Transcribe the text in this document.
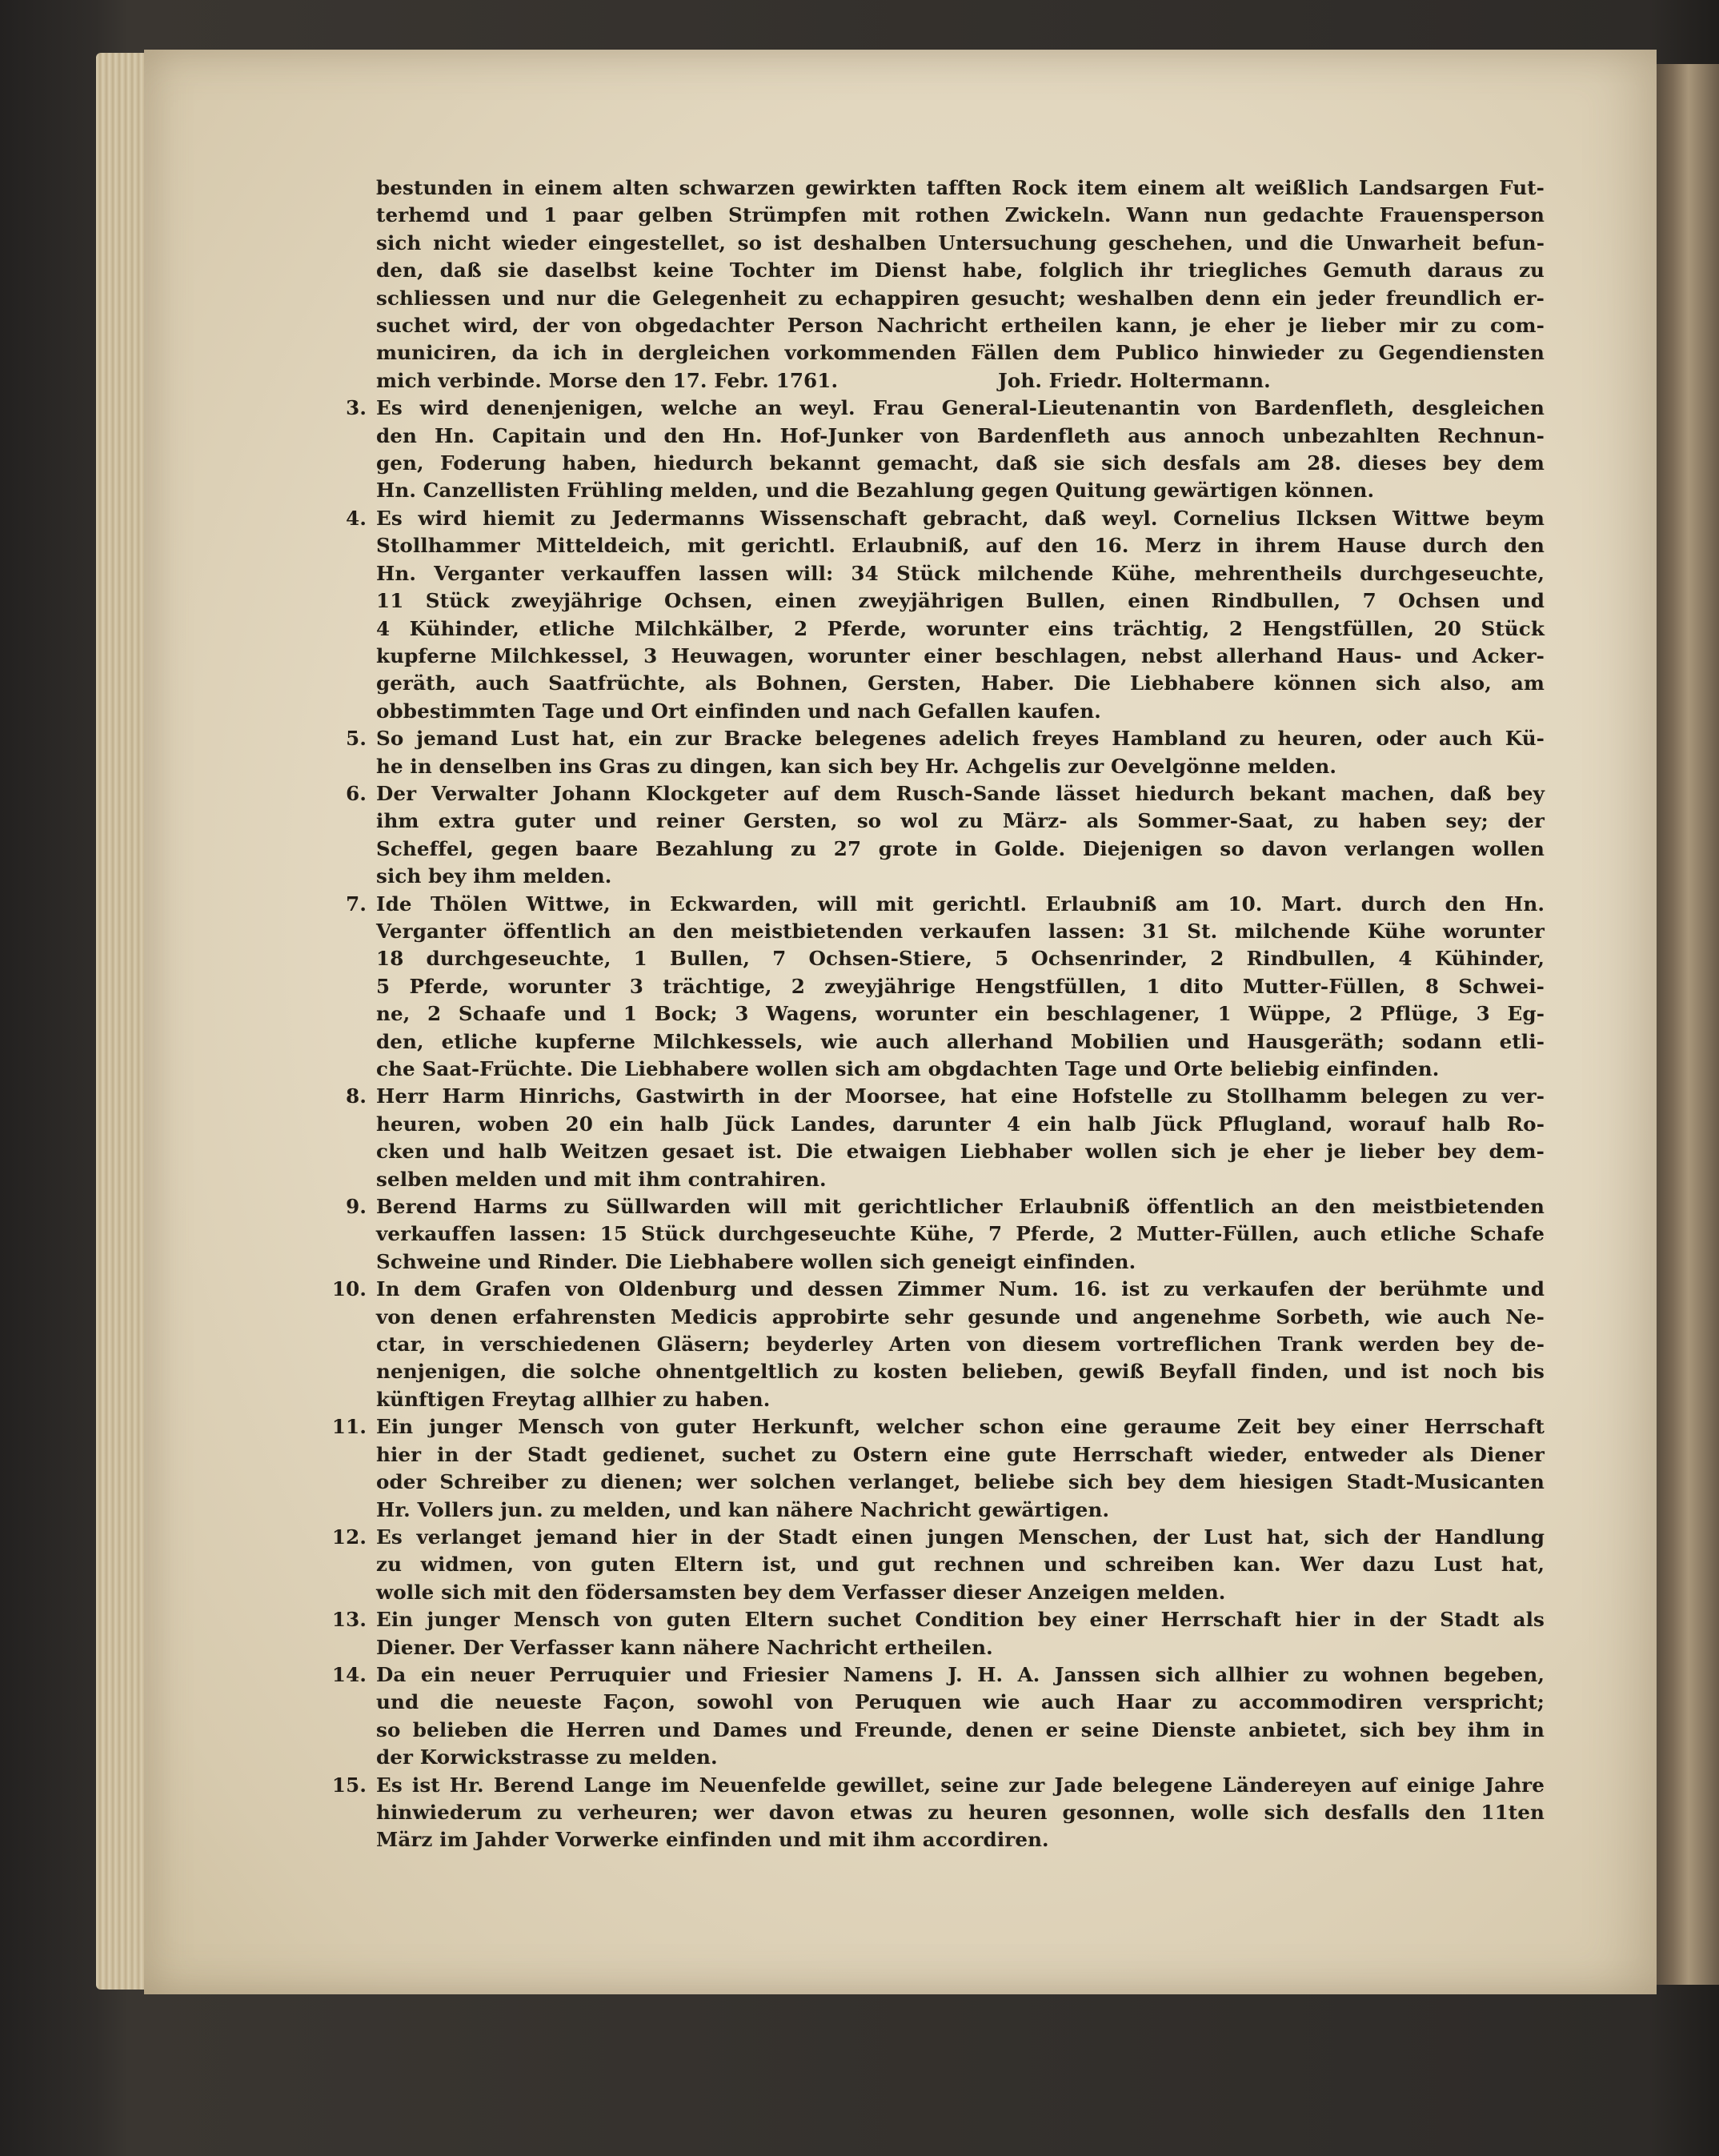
bestunden in einem alten schwarzen gewirkten tafften Rock item einem alt weißlich Landsargen Fut-
terhemd und 1 paar gelben Strümpfen mit rothen Zwickeln. Wann nun gedachte Frauensperson
sich nicht wieder eingestellet, so ist deshalben Untersuchung geschehen, und die Unwarheit befun-
den, daß sie daselbst keine Tochter im Dienst habe, folglich ihr triegliches Gemuth daraus zu
schliessen und nur die Gelegenheit zu echappiren gesucht; weshalben denn ein jeder freundlich er-
suchet wird, der von obgedachter Person Nachricht ertheilen kann, je eher je lieber mir zu com-
municiren, da ich in dergleichen vorkommenden Fällen dem Publico hinwieder zu Gegendiensten
mich verbinde. Morse den 17. Febr. 1761.	Joh. Friedr. Holtermann.
3. Es wird denenjenigen, welche an weyl. Frau General-Lieutenantin von Bardenfleth, desgleichen
den Hn. Capitain und den Hn. Hof-Junker von Bardenfleth aus annoch unbezahlten Rechnun-
gen, Foderung haben, hiedurch bekannt gemacht, daß sie sich desfals am 28. dieses bey dem
Hn. Canzellisten Frühling melden, und die Bezahlung gegen Quitung gewärtigen können.
4. Es wird hiemit zu Jedermanns Wissenschaft gebracht, daß weyl. Cornelius Ilcksen Wittwe beym
Stollhammer Mitteldeich, mit gerichtl. Erlaubniß, auf den 16. Merz in ihrem Hause durch den
Hn. Verganter verkauffen lassen will: 34 Stück milchende Kühe, mehrentheils durchgeseuchte,
11 Stück zweyjährige Ochsen, einen zweyjährigen Bullen, einen Rindbullen, 7 Ochsen und
4 Kühinder, etliche Milchkälber, 2 Pferde, worunter eins trächtig, 2 Hengstfüllen, 20 Stück
kupferne Milchkessel, 3 Heuwagen, worunter einer beschlagen, nebst allerhand Haus- und Acker-
geräth, auch Saatfrüchte, als Bohnen, Gersten, Haber. Die Liebhabere können sich also, am
obbestimmten Tage und Ort einfinden und nach Gefallen kaufen.
5. So jemand Lust hat, ein zur Bracke belegenes adelich freyes Hambland zu heuren, oder auch Kü-
he in denselben ins Gras zu dingen, kan sich bey Hr. Achgelis zur Oevelgönne melden.
6. Der Verwalter Johann Klockgeter auf dem Rusch-Sande lässet hiedurch bekant machen, daß bey
ihm extra guter und reiner Gersten, so wol zu März- als Sommer-Saat, zu haben sey; der
Scheffel, gegen baare Bezahlung zu 27 grote in Golde. Diejenigen so davon verlangen wollen
sich bey ihm melden.
7. Ide Thölen Wittwe, in Eckwarden, will mit gerichtl. Erlaubniß am 10. Mart. durch den Hn.
Verganter öffentlich an den meistbietenden verkaufen lassen: 31 St. milchende Kühe worunter
18 durchgeseuchte, 1 Bullen, 7 Ochsen-Stiere, 5 Ochsenrinder, 2 Rindbullen, 4 Kühinder,
5 Pferde, worunter 3 trächtige, 2 zweyjährige Hengstfüllen, 1 dito Mutter-Füllen, 8 Schwei-
ne, 2 Schaafe und 1 Bock; 3 Wagens, worunter ein beschlagener, 1 Wüppe, 2 Pflüge, 3 Eg-
den, etliche kupferne Milchkessels, wie auch allerhand Mobilien und Hausgeräth; sodann etli-
che Saat-Früchte. Die Liebhabere wollen sich am obgdachten Tage und Orte beliebig einfinden.
8. Herr Harm Hinrichs, Gastwirth in der Moorsee, hat eine Hofstelle zu Stollhamm belegen zu ver-
heuren, woben 20 ein halb Jück Landes, darunter 4 ein halb Jück Pflugland, worauf halb Ro-
cken und halb Weitzen gesaet ist. Die etwaigen Liebhaber wollen sich je eher je lieber bey dem-
selben melden und mit ihm contrahiren.
9. Berend Harms zu Süllwarden will mit gerichtlicher Erlaubniß öffentlich an den meistbietenden
verkauffen lassen: 15 Stück durchgeseuchte Kühe, 7 Pferde, 2 Mutter-Füllen, auch etliche Schafe
Schweine und Rinder. Die Liebhabere wollen sich geneigt einfinden.
10. In dem Grafen von Oldenburg und dessen Zimmer Num. 16. ist zu verkaufen der berühmte und
von denen erfahrensten Medicis approbirte sehr gesunde und angenehme Sorbeth, wie auch Ne-
ctar, in verschiedenen Gläsern; beyderley Arten von diesem vortreflichen Trank werden bey de-
nenjenigen, die solche ohnentgeltlich zu kosten belieben, gewiß Beyfall finden, und ist noch bis
künftigen Freytag allhier zu haben.
11. Ein junger Mensch von guter Herkunft, welcher schon eine geraume Zeit bey einer Herrschaft
hier in der Stadt gedienet, suchet zu Ostern eine gute Herrschaft wieder, entweder als Diener
oder Schreiber zu dienen; wer solchen verlanget, beliebe sich bey dem hiesigen Stadt-Musicanten
Hr. Vollers jun. zu melden, und kan nähere Nachricht gewärtigen.
12. Es verlanget jemand hier in der Stadt einen jungen Menschen, der Lust hat, sich der Handlung
zu widmen, von guten Eltern ist, und gut rechnen und schreiben kan. Wer dazu Lust hat,
wolle sich mit den födersamsten bey dem Verfasser dieser Anzeigen melden.
13. Ein junger Mensch von guten Eltern suchet Condition bey einer Herrschaft hier in der Stadt als
Diener. Der Verfasser kann nähere Nachricht ertheilen.
14. Da ein neuer Perruquier und Friesier Namens J. H. A. Janssen sich allhier zu wohnen begeben,
und die neueste Façon, sowohl von Peruquen wie auch Haar zu accommodiren verspricht;
so belieben die Herren und Dames und Freunde, denen er seine Dienste anbietet, sich bey ihm in
der Korwickstrasse zu melden.
15. Es ist Hr. Berend Lange im Neuenfelde gewillet, seine zur Jade belegene Ländereyen auf einige Jahre
hinwiederum zu verheuren; wer davon etwas zu heuren gesonnen, wolle sich desfalls den 11ten
März im Jahder Vorwerke einfinden und mit ihm accordiren.
